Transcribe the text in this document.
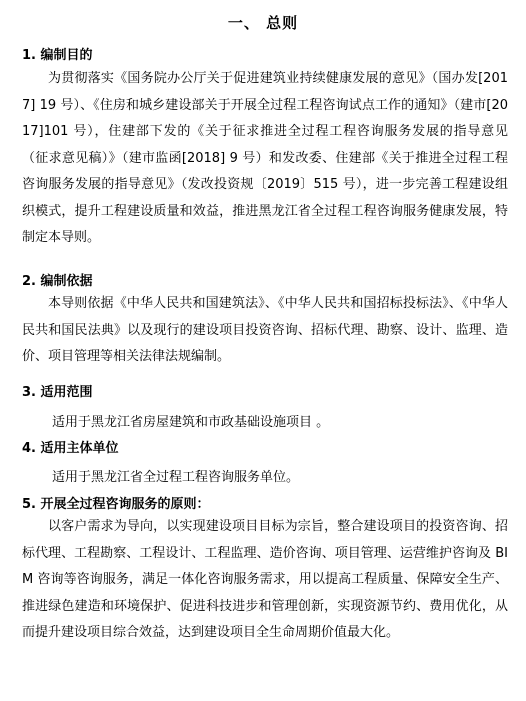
一、 总则
1. 编制目的
为贯彻落实《国务院办公厅关于促进建筑业持续健康发展的意见》（国办发[2017] 19 号）、《住房和城乡建设部关于开展全过程工程咨询试点工作的通知》（建市[2017]101 号），住建部下发的《关于征求推进全过程工程咨询服务发展的指导意见（征求意见稿）》（建市监函[2018] 9 号）和发改委、住建部《关于推进全过程工程咨询服务发展的指导意见》（发改投资规〔2019〕515 号），进一步完善工程建设组织模式，提升工程建设质量和效益，推进黑龙江省全过程工程咨询服务健康发展，特制定本导则。
2. 编制依据
本导则依据《中华人民共和国建筑法》、《中华人民共和国招标投标法》、《中华人民共和国民法典》以及现行的建设项目投资咨询、招标代理、勘察、设计、监理、造价、项目管理等相关法律法规编制。
3. 适用范围
适用于黑龙江省房屋建筑和市政基础设施项目 。
4. 适用主体单位
适用于黑龙江省全过程工程咨询服务单位。
5. 开展全过程咨询服务的原则：
以客户需求为导向，以实现建设项目目标为宗旨，整合建设项目的投资咨询、招标代理、工程勘察、工程设计、工程监理、造价咨询、项目管理、运营维护咨询及 BIM 咨询等咨询服务，满足一体化咨询服务需求，用以提高工程质量、保障安全生产、推进绿色建造和环境保护、促进科技进步和管理创新，实现资源节约、费用优化，从而提升建设项目综合效益，达到建设项目全生命周期价值最大化。
